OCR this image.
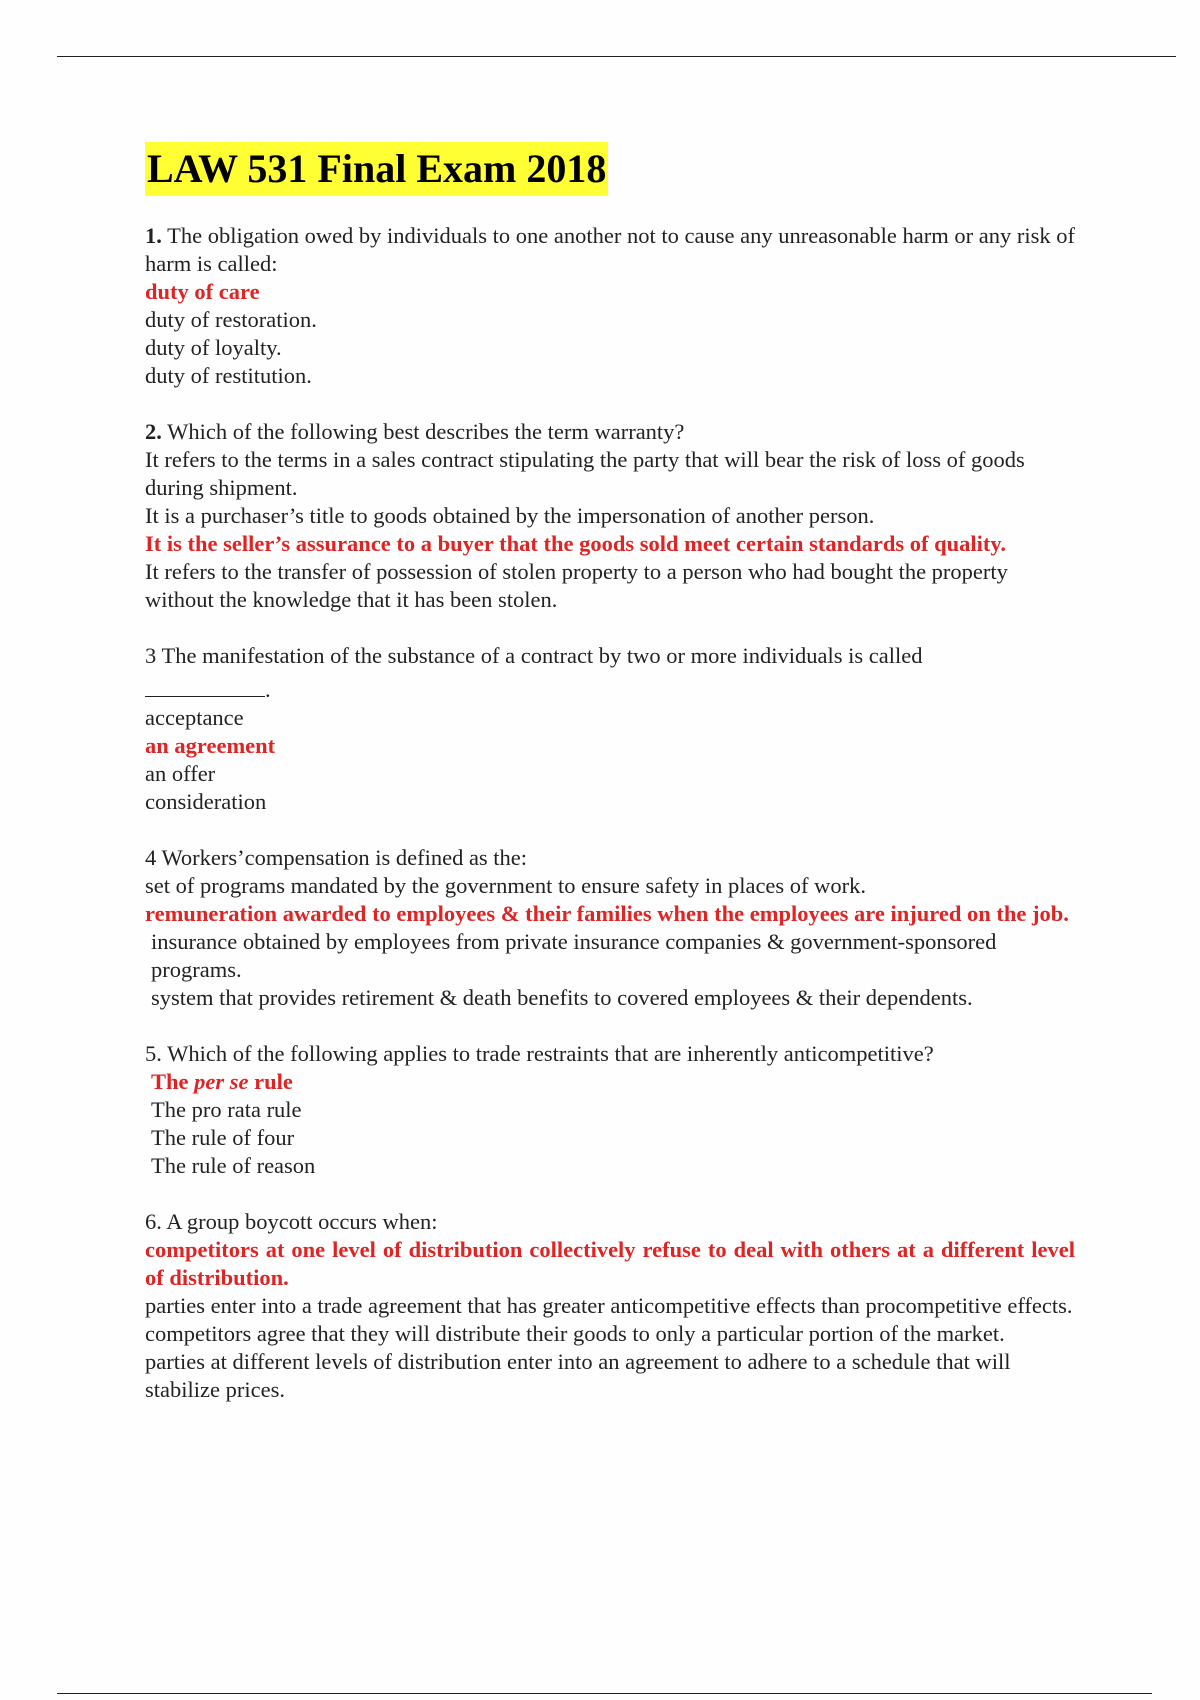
LAW 531 Final Exam 2018

1. The obligation owed by individuals to one another not to cause any unreasonable harm or any risk of harm is called:

duty of care

duty of restoration.

duty of loyalty.

duty of restitution.

2. Which of the following best describes the term warranty?

It refers to the terms in a sales contract stipulating the party that will bear the risk of loss of goods during shipment.

It is a purchaser’s title to goods obtained by the impersonation of another person.

It is the seller’s assurance to a buyer that the goods sold meet certain standards of quality.

It refers to the transfer of possession of stolen property to a person who had bought the property without the knowledge that it has been stolen.

3 The manifestation of the substance of a contract by two or more individuals is called

.

acceptance

an agreement

an offer

consideration

4 Workers’compensation is defined as the:

set of programs mandated by the government to ensure safety in places of work.

remuneration awarded to employees & their families when the employees are injured on the job.

insurance obtained by employees from private insurance companies & government-sponsored programs.

system that provides retirement & death benefits to covered employees & their dependents.

5. Which of the following applies to trade restraints that are inherently anticompetitive?

The per se rule

The pro rata rule

The rule of four

The rule of reason

6. A group boycott occurs when:

competitors at one level of distribution collectively refuse to deal with others at a different level of distribution.

parties enter into a trade agreement that has greater anticompetitive effects than procompetitive effects.

competitors agree that they will distribute their goods to only a particular portion of the market.

parties at different levels of distribution enter into an agreement to adhere to a schedule that will stabilize prices.
